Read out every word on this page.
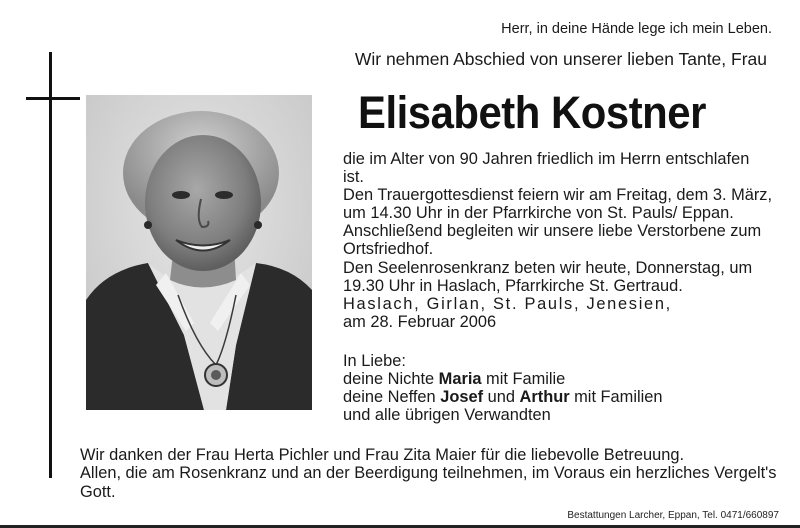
Herr, in deine Hände lege ich mein Leben.
Wir nehmen Abschied von unserer lieben Tante, Frau
Elisabeth Kostner

die im Alter von 90 Jahren friedlich im Herrn entschlafen ist.

Den Trauergottesdienst feiern wir am Freitag, dem 3. März, um 14.30 Uhr in der Pfarrkirche von St. Pauls/ Eppan. Anschließend begleiten wir unsere liebe Verstorbene zum Ortsfriedhof.

Den Seelenrosenkranz beten wir heute, Donnerstag, um 19.30 Uhr in Haslach, Pfarrkirche St. Gertraud.

Haslach, Girlan, St. Pauls, Jenesien,

am 28. Februar 2006

In Liebe:
deine Nichte Maria mit Familie
deine Neffen Josef und Arthur mit Familien
und alle übrigen Verwandten

Wir danken der Frau Herta Pichler und Frau Zita Maier für die liebevolle Betreuung.

Allen, die am Rosenkranz und an der Beerdigung teilnehmen, im Voraus ein herzliches Vergelt's Gott.

Bestattungen Larcher, Eppan, Tel. 0471/660897
